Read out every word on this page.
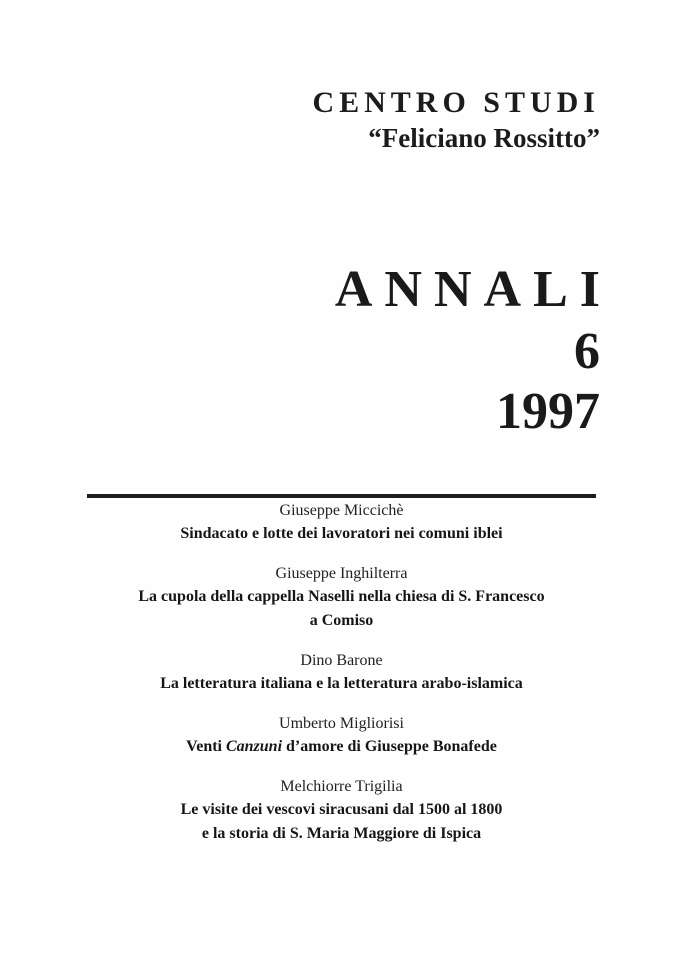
CENTRO STUDI
“Feliciano Rossitto”
ANNALI
6
1997
Giuseppe Miccichè
Sindacato e lotte dei lavoratori nei comuni iblei
Giuseppe Inghilterra
La cupola della cappella Naselli nella chiesa di S. Francesco
a Comiso
Dino Barone
La letteratura italiana e la letteratura arabo-islamica
Umberto Migliorisi
Venti Canzuni d’amore di Giuseppe Bonafede
Melchiorre Trigilia
Le visite dei vescovi siracusani dal 1500 al 1800
e la storia di S. Maria Maggiore di Ispica
